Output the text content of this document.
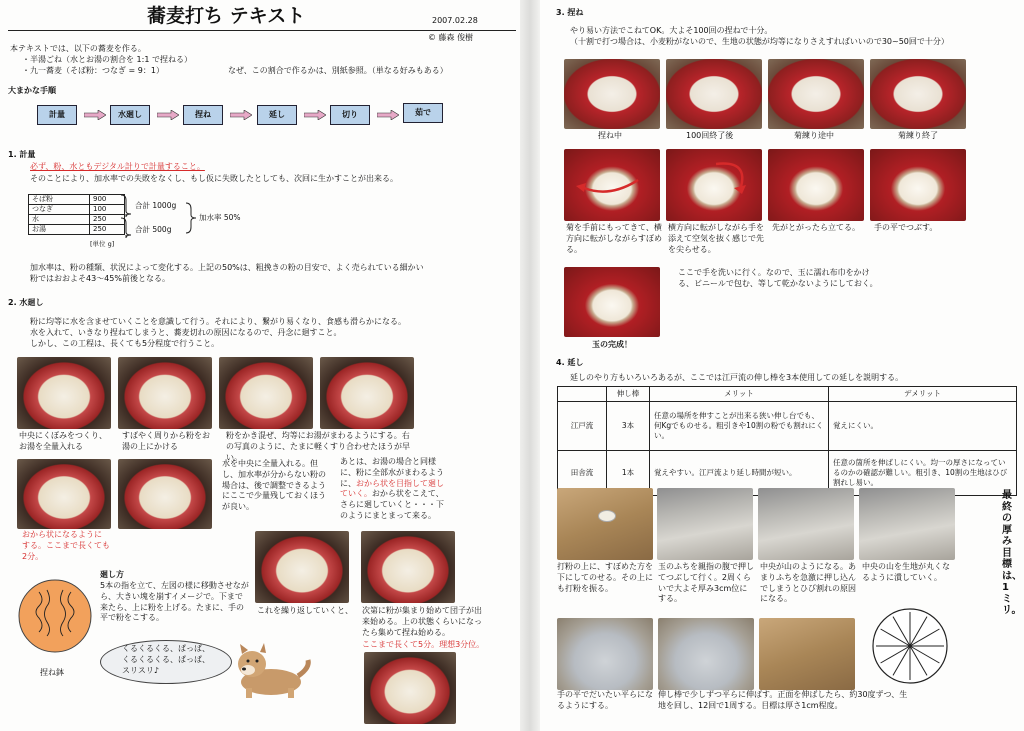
蕎麦打ち テキスト	2007.02.28
© 藤森 俊樹
本テキストでは、以下の蕎麦を作る。
・半湯ごね（水とお湯の割合を 1:1 で捏ねる）
・九一蕎麦（そば粉：つなぎ = 9：1）	なぜ、この割合で作るかは、別紙参照。（単なる好みもある）
大まかな手順
計量	水廻し	捏ね	延し	切り	茹で
1. 計量
必ず、粉、水ともデジタル計りで計量すること。
そのことにより、加水率での失敗をなくし、もし仮に失敗したとしても、次回に生かすことが出来る。
そば粉	900
つなぎ	100
水	250
お湯	250
[単位 g]
合計 1000g
合計 500g
加水率 50%
加水率は、粉の種類、状況によって変化する。上記の50%は、粗挽きの粉の目安で、よく売られている細かい
粉ではおおよそ43～45%前後となる。
2. 水廻し
粉に均等に水を含ませていくことを意識して行う。それにより、繋がり易くなり、食感も滑らかになる。
水を入れて、いきなり捏ねてしまうと、蕎麦切れの原因になるので、丹念に廻すこと。
しかし、この工程は、長くても5分程度で行うこと。
中央にくぼみをつくり、お湯を全量入れる
すばやく周りから粉をお湯の上にかける
粉をかき混ぜ、均等にお湯がまわるようにする。右の写真のように、たまに軽くすり合わせたほうが早い。
水を中央に全量入れる。但し、加水率が分からない粉の場合は、後で調整できるようにここで少量残しておくほうが良い。
あとは、お湯の場合と同様に、粉に全部水がまわるように、おから状を目指して廻していく。おから状をこえて、さらに廻していくと・・・下のようにまとまって来る。
おから状になるように
する。ここまで長くても
2分。
捏ね鉢
廻し方
5本の指を立て、左図の様に移動させながら、大きい塊を崩すイメージで。下まで来たら、上に粉を上げる。たまに、手の平で粉をこする。
くるくるくる、ぱっぱ、くるくるくる、ぱっぱ、スリスリ♪
これを繰り返していくと、 次第に粉が集まり始めて団子が出来始める。上の状態くらいになったら集めて捏ね始める。
ここまで長くて5分。理想3分位。
3. 捏ね
やり易い方法でこねてOK。大よそ100回の捏ねで十分。
（十割で打つ場合は、小麦粉がないので、生地の状態が均等になりさえすればいいので30~50回で十分）
捏ね中	100回終了後	菊練り途中	菊練り終了
菊を手前にもってきて、横方向に転がしながらすぼめる。
横方向に転がしながら手を添えて空気を抜く感じで先を尖らせる。
先がとがったら立てる。	手の平でつぶす。
ここで手を洗いに行く。なので、玉に濡れ布巾をかける、ビニールで包む、等して乾かないようにしておく。
玉の完成！
4. 延し
延しのやり方もいろいろあるが、ここでは江戸流の伸し棒を3本使用しての延しを説明する。
	伸し棒	メリット	デメリット
江戸流	3本	任意の場所を伸すことが出来る狭い伸し台でも、何Kgでものせる。粗引きや10割の粉でも割れにくい。	覚えにくい。
田舎流	1本	覚えやすい。江戸流より延し時間が短い。	任意の箇所を伸ばしにくい。均一の厚さになっているのかの確認が難しい。粗引き、10割の生地はひび割れし易い。
最終の厚み目標は、1ミリ。
打粉の上に、すぼめた方を下にしてのせる。その上にも打粉を振る。
玉のふちを親指の腹で押してつぶして行く。2周くらいで大よそ厚み3cm位にする。
中央が山のようになる。あまりふちを急激に押し込んでしまうとひび割れの原因になる。
中央の山を生地が丸くなるように潰していく。
手の平でだいたい平らになるようにする。
伸し棒で少しずつ平らに伸ばす。正面を伸ばしたら、約30度ずつ、生地を回し、12回で1周する。目標は厚さ1cm程度。
